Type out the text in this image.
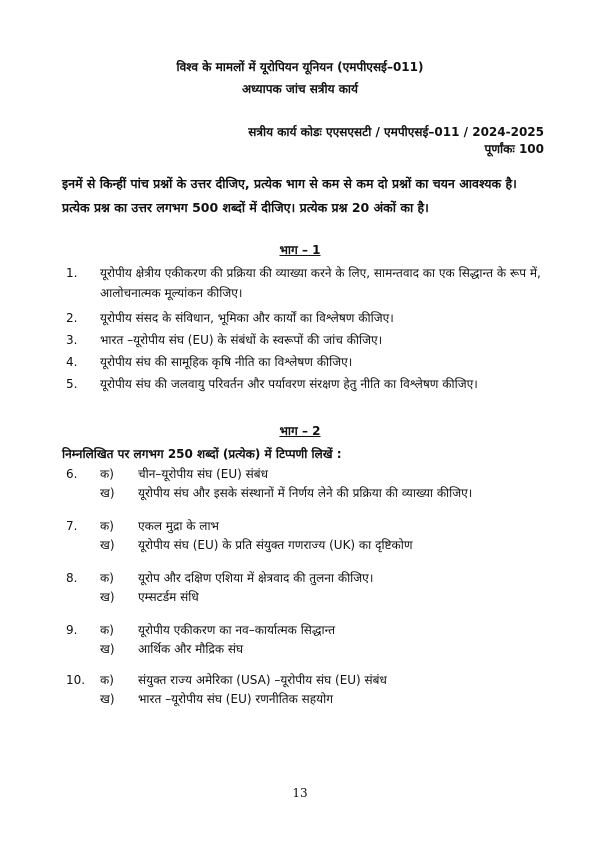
विश्व के मामलों में यूरोपियन यूनियन (एमपीएसई–011)
अध्यापक जांच सत्रीय कार्य
सत्रीय कार्य कोडः एएसएसटी / एमपीएसई–011 / 2024-2025
पूर्णांकः 100
इनमें से किन्हीं पांच प्रश्नों के उत्तर दीजिए, प्रत्येक भाग से कम से कम दो प्रश्नों का चयन आवश्यक है। प्रत्येक प्रश्न का उत्तर लगभग 500 शब्दों में दीजिए। प्रत्येक प्रश्न 20 अंकों का है।
भाग – 1
1. यूरोपीय क्षेत्रीय एकीकरण की प्रक्रिया की व्याख्या करने के लिए, सामन्तवाद का एक सिद्धान्त के रूप में, आलोचनात्मक मूल्यांकन कीजिए।
2. यूरोपीय संसद के संविधान, भूमिका और कार्यों का विश्लेषण कीजिए।
3. भारत –यूरोपीय संघ (EU) के संबंधों के स्वरूपों की जांच कीजिए।
4. यूरोपीय संघ की सामूहिक कृषि नीति का विश्लेषण कीजिए।
5. यूरोपीय संघ की जलवायु परिवर्तन और पर्यावरण संरक्षण हेतु नीति का विश्लेषण कीजिए।
भाग – 2
निम्नलिखित पर लगभग 250 शब्दों (प्रत्येक) में टिप्पणी लिखें :
6. क) चीन–यूरोपीय संघ (EU) संबंध
ख) यूरोपीय संघ और इसके संस्थानों में निर्णय लेने की प्रक्रिया की व्याख्या कीजिए।
7. क) एकल मुद्रा के लाभ
ख) यूरोपीय संघ (EU) के प्रति संयुक्त गणराज्य (UK) का दृष्टिकोण
8. क) यूरोप और दक्षिण एशिया में क्षेत्रवाद की तुलना कीजिए।
ख) एम्सटर्डम संधि
9. क) यूरोपीय एकीकरण का नव–कार्यात्मक सिद्धान्त
ख) आर्थिक और मौद्रिक संघ
10. क) संयुक्त राज्य अमेरिका (USA) –यूरोपीय संघ (EU) संबंध
ख) भारत –यूरोपीय संघ (EU) रणनीतिक सहयोग
13
